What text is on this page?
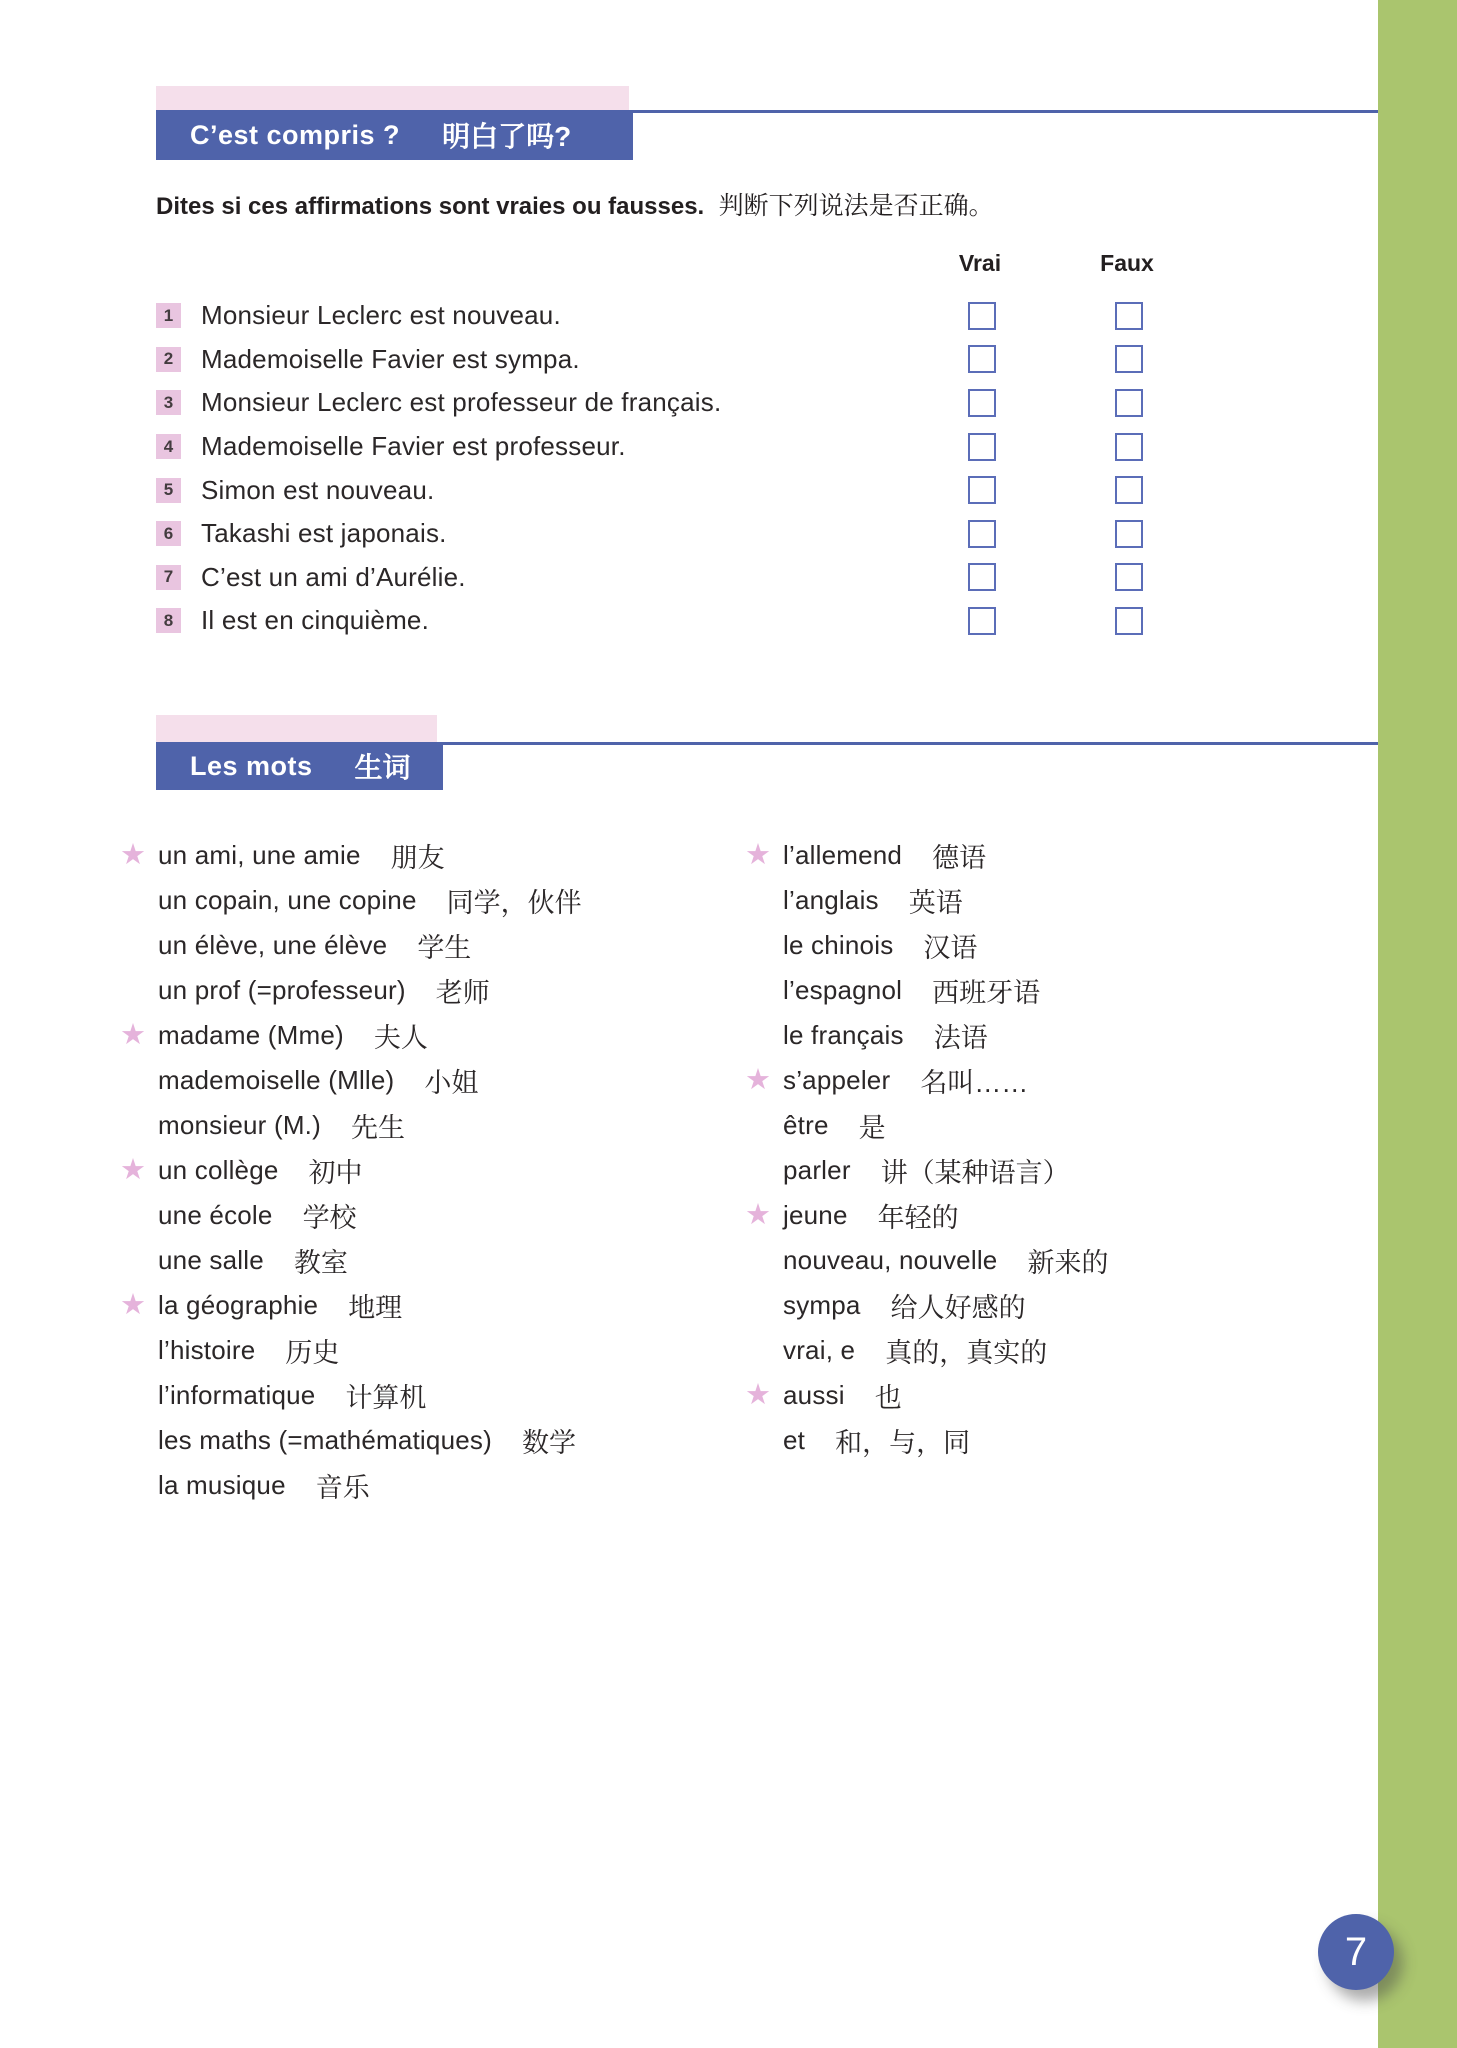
C’est compris ? 明白了吗?
Dites si ces affirmations sont vraies ou fausses. 判断下列说法是否正确。
Vrai	Faux
1 Monsieur Leclerc est nouveau.
2 Mademoiselle Favier est sympa.
3 Monsieur Leclerc est professeur de français.
4 Mademoiselle Favier est professeur.
5 Simon est nouveau.
6 Takashi est japonais.
7 C’est un ami d’Aurélie.
8 Il est en cinquième.
Les mots 生词
★ un ami, une amie 朋友
un copain, une copine 同学，伙伴
un élève, une élève 学生
un prof (=professeur) 老师
★ madame (Mme) 夫人
mademoiselle (Mlle) 小姐
monsieur (M.) 先生
★ un collège 初中
une école 学校
une salle 教室
★ la géographie 地理
l’histoire 历史
l’informatique 计算机
les maths (=mathématiques) 数学
la musique 音乐
★ l’allemend 德语
l’anglais 英语
le chinois 汉语
l’espagnol 西班牙语
le français 法语
★ s’appeler 名叫……
être 是
parler 讲（某种语言）
★ jeune 年轻的
nouveau, nouvelle 新来的
sympa 给人好感的
vrai, e 真的，真实的
★ aussi 也
et 和，与，同
7
